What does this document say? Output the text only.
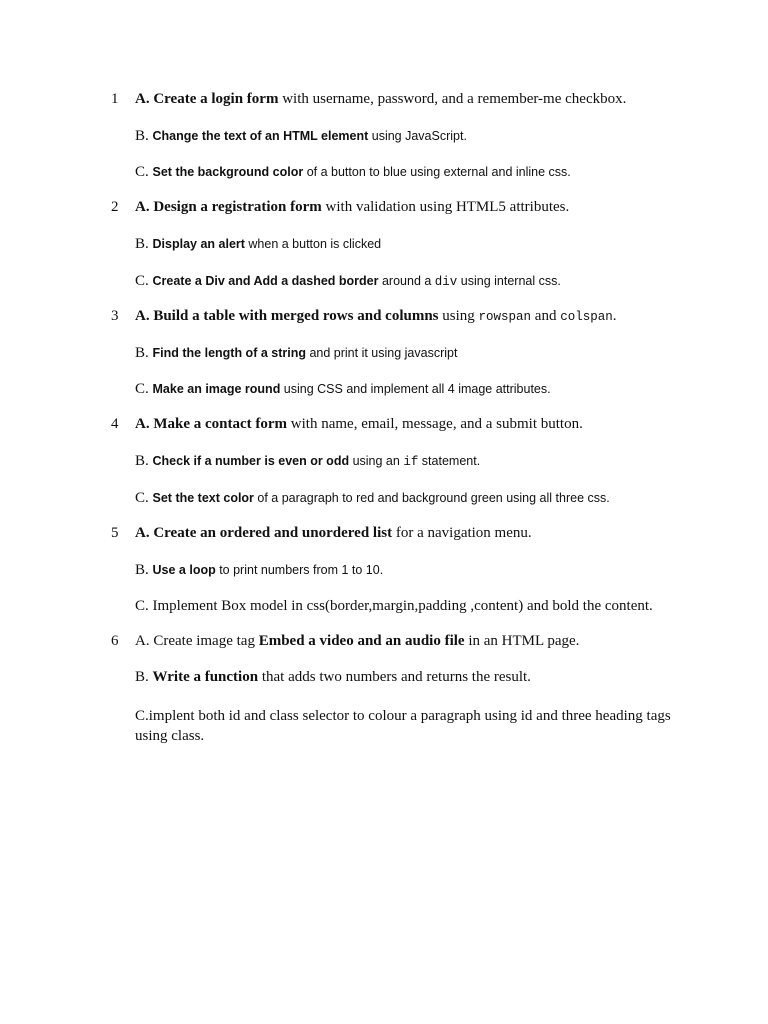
1	A. Create a login form with username, password, and a remember-me checkbox.
B. Change the text of an HTML element using JavaScript.
C. Set the background color of a button to blue using external and inline css.
2	A. Design a registration form with validation using HTML5 attributes.
B. Display an alert when a button is clicked
C. Create a Div and Add a dashed border around a div using internal css.
3	A. Build a table with merged rows and columns using rowspan and colspan.
B. Find the length of a string and print it using javascript
C. Make an image round using CSS and implement all 4 image attributes.
4	A. Make a contact form with name, email, message, and a submit button.
B. Check if a number is even or odd using an if statement.
C. Set the text color of a paragraph to red and background green using all three css.
5	A. Create an ordered and unordered list for a navigation menu.
B. Use a loop to print numbers from 1 to 10.
C. Implement Box model in css(border,margin,padding ,content) and bold the content.
6	A. Create image tag Embed a video and an audio file in an HTML page.
B. Write a function that adds two numbers and returns the result.
C.implent both id and class selector to colour a paragraph using id and three heading tags using class.
